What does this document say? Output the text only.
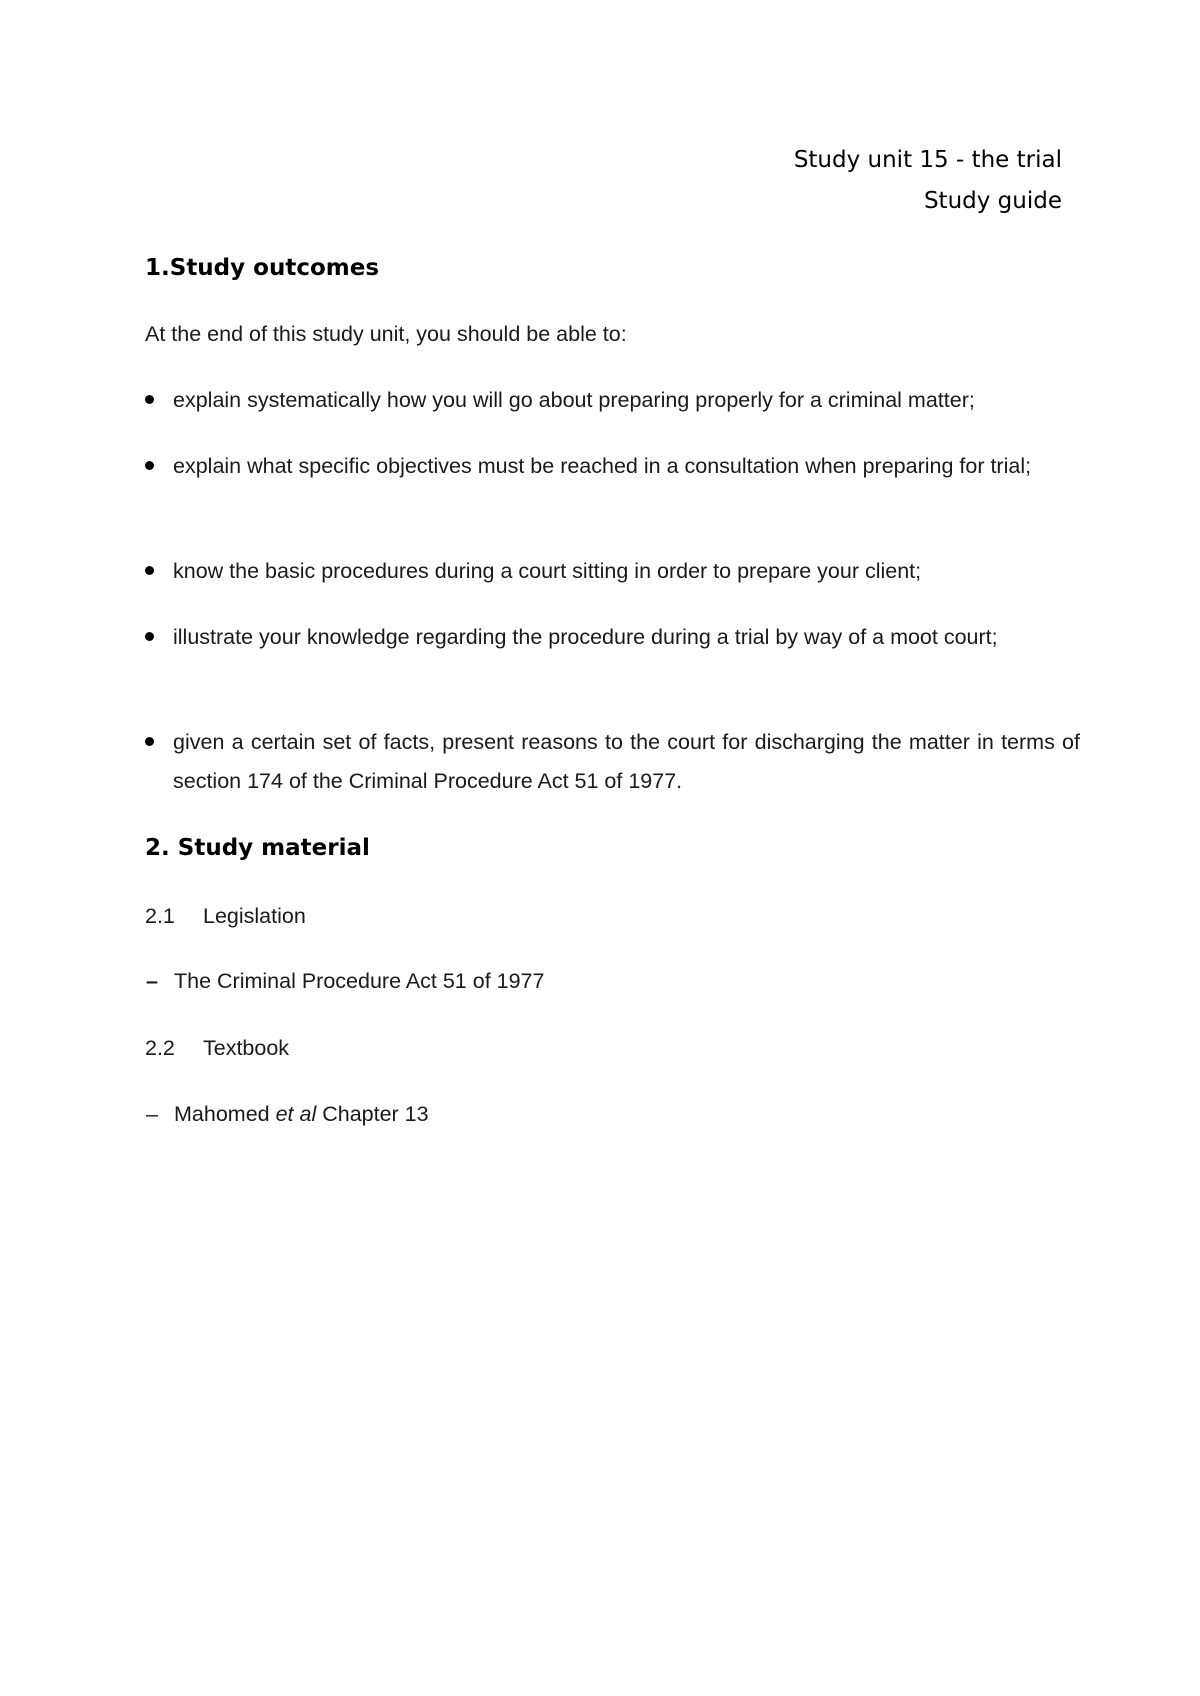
Study unit 15 - the trial
Study guide
1.Study outcomes
At the end of this study unit, you should be able to:
explain systematically how you will go about preparing properly for a criminal matter;
explain what specific objectives must be reached in a consultation when preparing for trial;
know the basic procedures during a court sitting in order to prepare your client;
illustrate your knowledge regarding the procedure during a trial by way of a moot court;
given a certain set of facts, present reasons to the court for discharging the matter in terms of section 174 of the Criminal Procedure Act 51 of 1977.
2. Study material
2.1 Legislation
– The Criminal Procedure Act 51 of 1977
2.2 Textbook
– Mahomed et al Chapter 13
